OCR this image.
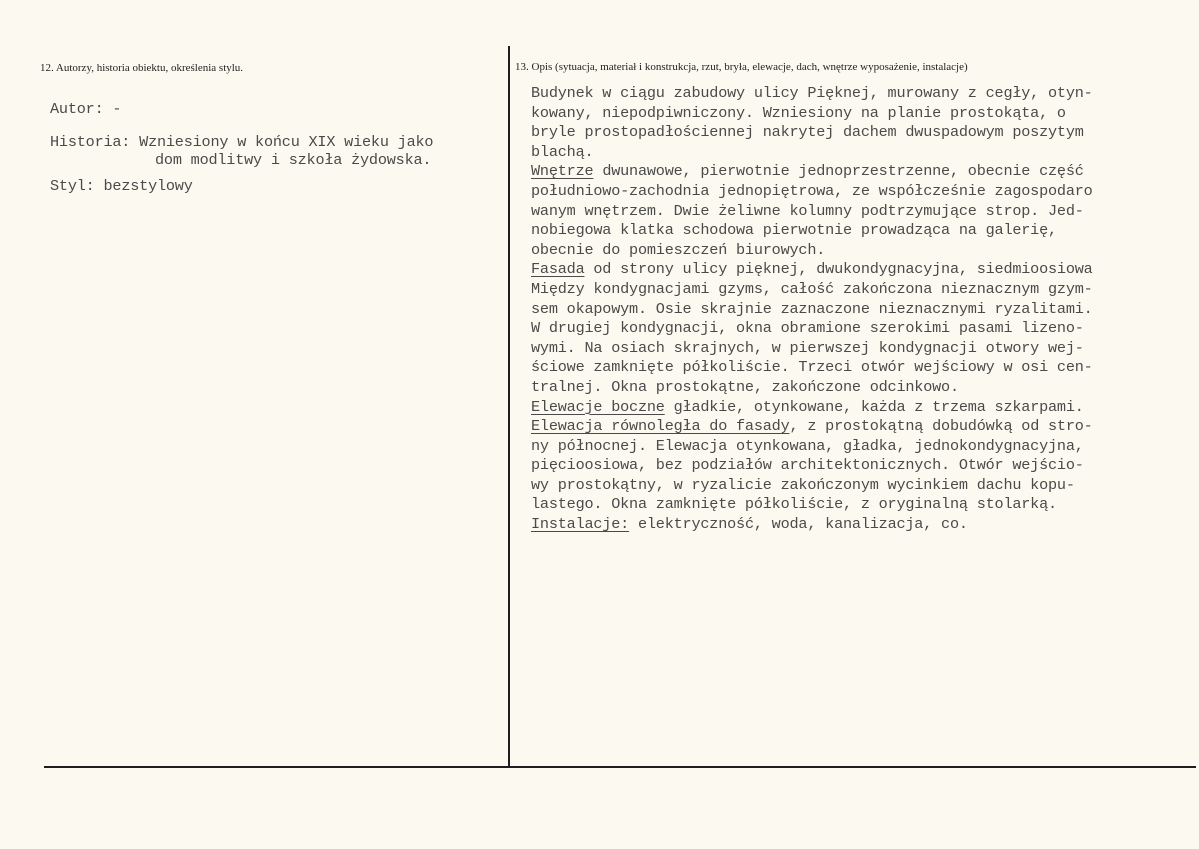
12. Autorzy, historia obiektu, określenia stylu.	13. Opis (sytuacja, materiał i konstrukcja, rzut, bryła, elewacje, dach, wnętrze wyposażenie, instalacje)

Autor: -

Historia: Wzniesiony w końcu XIX wieku jako

dom modlitwy i szkoła żydowska.

Styl: bezstylowy

Budynek w ciągu zabudowy ulicy Pięknej, murowany z cegły, otyn-
kowany, niepodpiwniczony. Wzniesiony na planie prostokąta, o
bryle prostopadłościennej nakrytej dachem dwuspadowym poszytym
blachą.
Wnętrze dwunawowe, pierwotnie jednoprzestrzenne, obecnie część
południowo-zachodnia jednopiętrowa, ze współcześnie zagospodaro
wanym wnętrzem. Dwie żeliwne kolumny podtrzymujące strop. Jed-
nobiegowa klatka schodowa pierwotnie prowadząca na galerię,
obecnie do pomieszczeń biurowych.
Fasada od strony ulicy pięknej, dwukondygnacyjna, siedmioosiowa
Między kondygnacjami gzyms, całość zakończona nieznacznym gzym-
sem okapowym. Osie skrajnie zaznaczone nieznacznymi ryzalitami.
W drugiej kondygnacji, okna obramione szerokimi pasami lizeno-
wymi. Na osiach skrajnych, w pierwszej kondygnacji otwory wej-
ściowe zamknięte półkoliście. Trzeci otwór wejściowy w osi cen-
tralnej. Okna prostokątne, zakończone odcinkowo.
Elewacje boczne gładkie, otynkowane, każda z trzema szkarpami.
Elewacja równoległa do fasady, z prostokątną dobudówką od stro-
ny północnej. Elewacja otynkowana, gładka, jednokondygnacyjna,
pięcioosiowa, bez podziałów architektonicznych. Otwór wejścio-
wy prostokątny, w ryzalicie zakończonym wycinkiem dachu kopu-
lastego. Okna zamknięte półkoliście, z oryginalną stolarką.
Instalacje: elektryczność, woda, kanalizacja, co.
